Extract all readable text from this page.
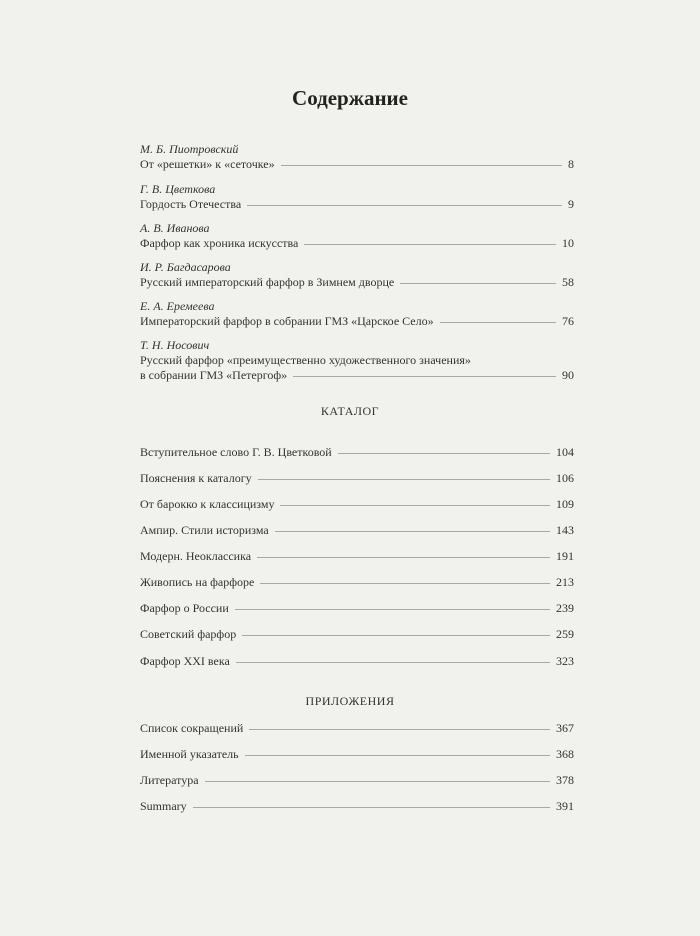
Содержание
М. Б. Пиотровский
От «решетки» к «сеточке»	8
Г. В. Цветкова
Гордость Отечества	9
А. В. Иванова
Фарфор как хроника искусства	10
И. Р. Багдасарова
Русский императорский фарфор в Зимнем дворце	58
Е. А. Еремеева
Императорский фарфор в собрании ГМЗ «Царское Село»	76
Т. Н. Носович
Русский фарфор «преимущественно художественного значения»
в собрании ГМЗ «Петергоф»	90
КАТАЛОГ
Вступительное слово Г. В. Цветковой	104
Пояснения к каталогу	106
От барокко к классицизму	109
Ампир. Стили историзма	143
Модерн. Неоклассика	191
Живопись на фарфоре	213
Фарфор о России	239
Советский фарфор	259
Фарфор XXI века	323
ПРИЛОЖЕНИЯ
Список сокращений	367
Именной указатель	368
Литература	378
Summary	391
